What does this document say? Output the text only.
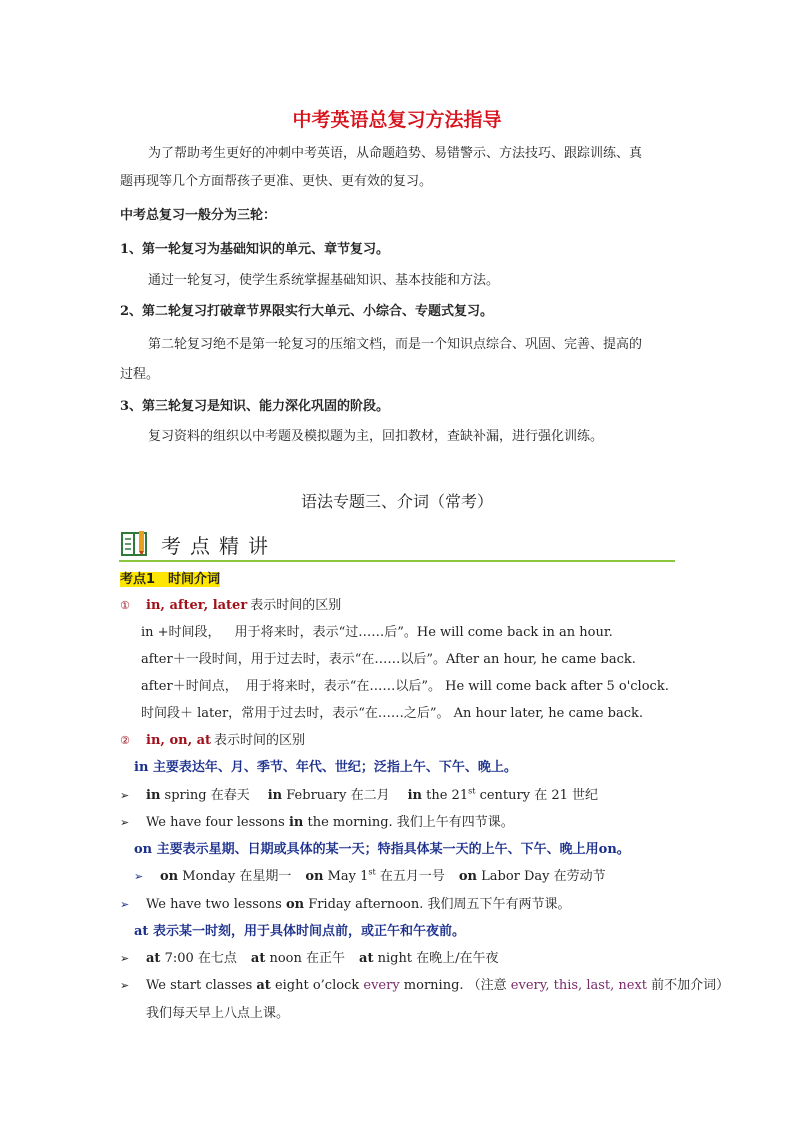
中考英语总复习方法指导
为了帮助考生更好的冲刺中考英语，从命题趋势、易错警示、方法技巧、跟踪训练、真
题再现等几个方面帮孩子更准、更快、更有效的复习。
中考总复习一般分为三轮：
1、第一轮复习为基础知识的单元、章节复习。
通过一轮复习，使学生系统掌握基础知识、基本技能和方法。
2、第二轮复习打破章节界限实行大单元、小综合、专题式复习。
第二轮复习绝不是第一轮复习的压缩文档，而是一个知识点综合、巩固、完善、提高的
过程。
3、第三轮复习是知识、能力深化巩固的阶段。
复习资料的组织以中考题及模拟题为主，回扣教材，查缺补漏，进行强化训练。
语法专题三、介词（常考）
考点精讲
考点1　时间介词
① in, after, later 表示时间的区别
in +时间段， 用于将来时，表示“过……后”。He will come back in an hour.
after＋一段时间，用于过去时，表示“在……以后”。After an hour, he came back.
after＋时间点， 用于将来时，表示“在……以后”。 He will come back after 5 o'clock.
时间段＋ later，常用于过去时，表示“在……之后”。 An hour later, he came back.
② in, on, at 表示时间的区别
in 主要表达年、月、季节、年代、世纪；泛指上午、下午、晚上。
➢ in spring 在春天 in February 在二月 in the 21st century 在 21 世纪
➢ We have four lessons in the morning. 我们上午有四节课。
on 主要表示星期、日期或具体的某一天；特指具体某一天的上午、下午、晚上用on。
➢ on Monday 在星期一 on May 1st 在五月一号 on Labor Day 在劳动节
➢ We have two lessons on Friday afternoon. 我们周五下午有两节课。
at 表示某一时刻，用于具体时间点前，或正午和午夜前。
➢ at 7:00 在七点 at noon 在正午 at night 在晚上/在午夜
➢ We start classes at eight o’clock every morning. （注意 every, this, last, next 前不加介词）
我们每天早上八点上课。
